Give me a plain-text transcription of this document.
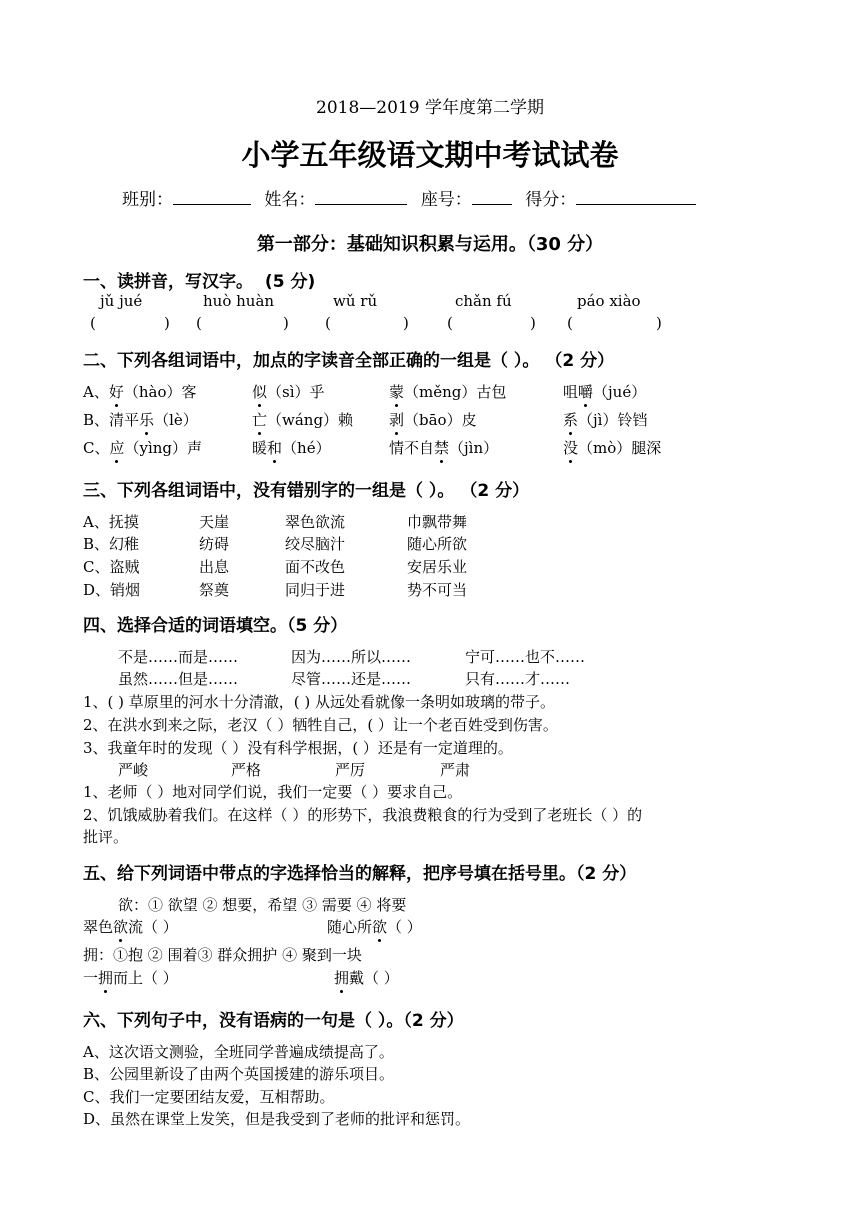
2018—2019 学年度第二学期
小学五年级语文期中考试试卷
班别：	姓名：	座号：	得分：
第一部分：基础知识积累与运用。（30 分）
一、读拼音，写汉字。 (5 分)
jǔ jué	huò huàn	wǔ rǔ	chǎn fú	páo xiào
(	) (	) (	)	(	) (	)
二、下列各组词语中，加点的字读音全部正确的一组是（ ）。 （2 分）
A、好（hào）客	似（sì）乎	蒙（měng）古包	咀嚼（jué）
B、清平乐（lè）	亡（wáng）赖 剥（bāo）皮	系（jì）铃铛
C、应（yìng）声	暖和（hé）	情不自禁（jìn）	没（mò）腿深
三、下列各组词语中，没有错别字的一组是（ ）。 （2 分）
A、抚摸	天崖	翠色欲流	巾飘带舞
B、幻稚	纺碍	绞尽脑汁	随心所欲
C、盗贼	出息	面不改色	安居乐业
D、销烟	祭奠	同归于进	势不可当
四、选择合适的词语填空。（5 分）
不是……而是……	因为……所以……	宁可……也不……
虽然……但是……	尽管……还是……	只有……才……
1、( ) 草原里的河水十分清澈，( ) 从远处看就像一条明如玻璃的带子。
2、在洪水到来之际，老汉（ ）牺牲自己，( ）让一个老百姓受到伤害。
3、我童年时的发现（ ）没有科学根据，( ）还是有一定道理的。
严峻	严格	严厉	严肃
1、老师（ ）地对同学们说，我们一定要（ ）要求自己。
2、饥饿威胁着我们。在这样（ ）的形势下，我浪费粮食的行为受到了老班长（ ）的
批评。
五、给下列词语中带点的字选择恰当的解释，把序号填在括号里。（2 分）
欲：① 欲望 ② 想要，希望 ③ 需要 ④ 将要
翠色欲流（ ）	随心所欲（ ）
拥：①抱 ② 围着③ 群众拥护 ④ 聚到一块
一拥而上（ ）	拥戴（ ）
六、下列句子中，没有语病的一句是（ ）。（2 分）
A、这次语文测验，全班同学普遍成绩提高了。
B、公园里新设了由两个英国援建的游乐项目。
C、我们一定要团结友爱，互相帮助。
D、虽然在课堂上发笑，但是我受到了老师的批评和惩罚。
